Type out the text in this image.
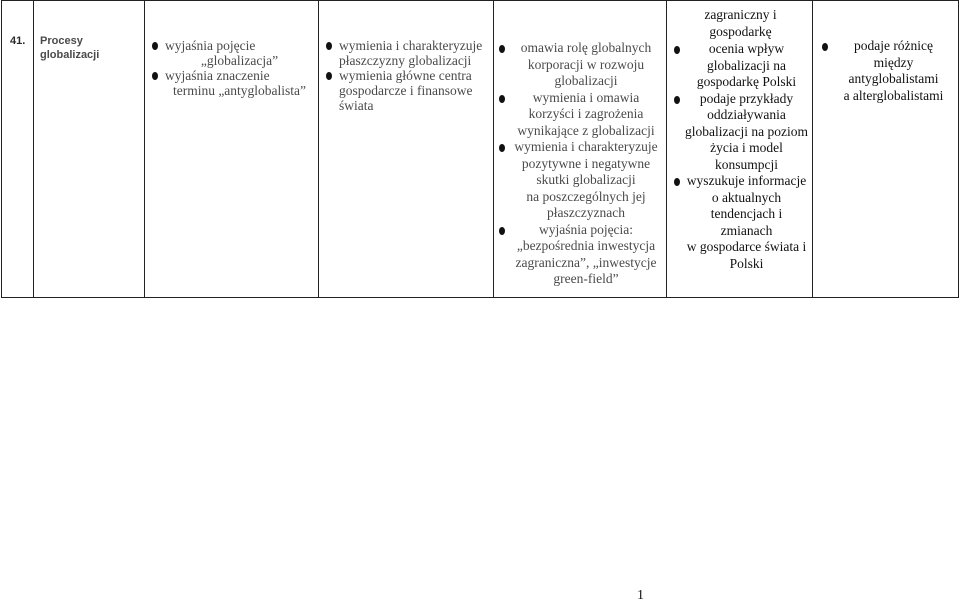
41.	Procesy
globalizacji	
wyjaśnia pojęcie
„globalizacja”
wyjaśnia znaczenie
terminu „antyglobalista”

wymienia i charakteryzuje
płaszczyzny globalizacji
wymienia główne centra
gospodarcze i finansowe
świata

omawia rolę globalnych
korporacji w rozwoju
globalizacji
wymienia i omawia
korzyści i zagrożenia
wynikające z globalizacji
wymienia i charakteryzuje
pozytywne i negatywne
skutki globalizacji
na poszczególnych jej
płaszczyznach
wyjaśnia pojęcia:
„bezpośrednia inwestycja
zagraniczna”, „inwestycje
green-field”

zagraniczny i
gospodarkę
ocenia wpływ
globalizacji na
gospodarkę Polski
podaje przykłady
oddziaływania
globalizacji na poziom
życia i model
konsumpcji
wyszukuje informacje
o aktualnych
tendencjach i zmianach
w gospodarce świata i
Polski

podaje różnicę
między
antyglobalistami
a alterglobalistami
1
